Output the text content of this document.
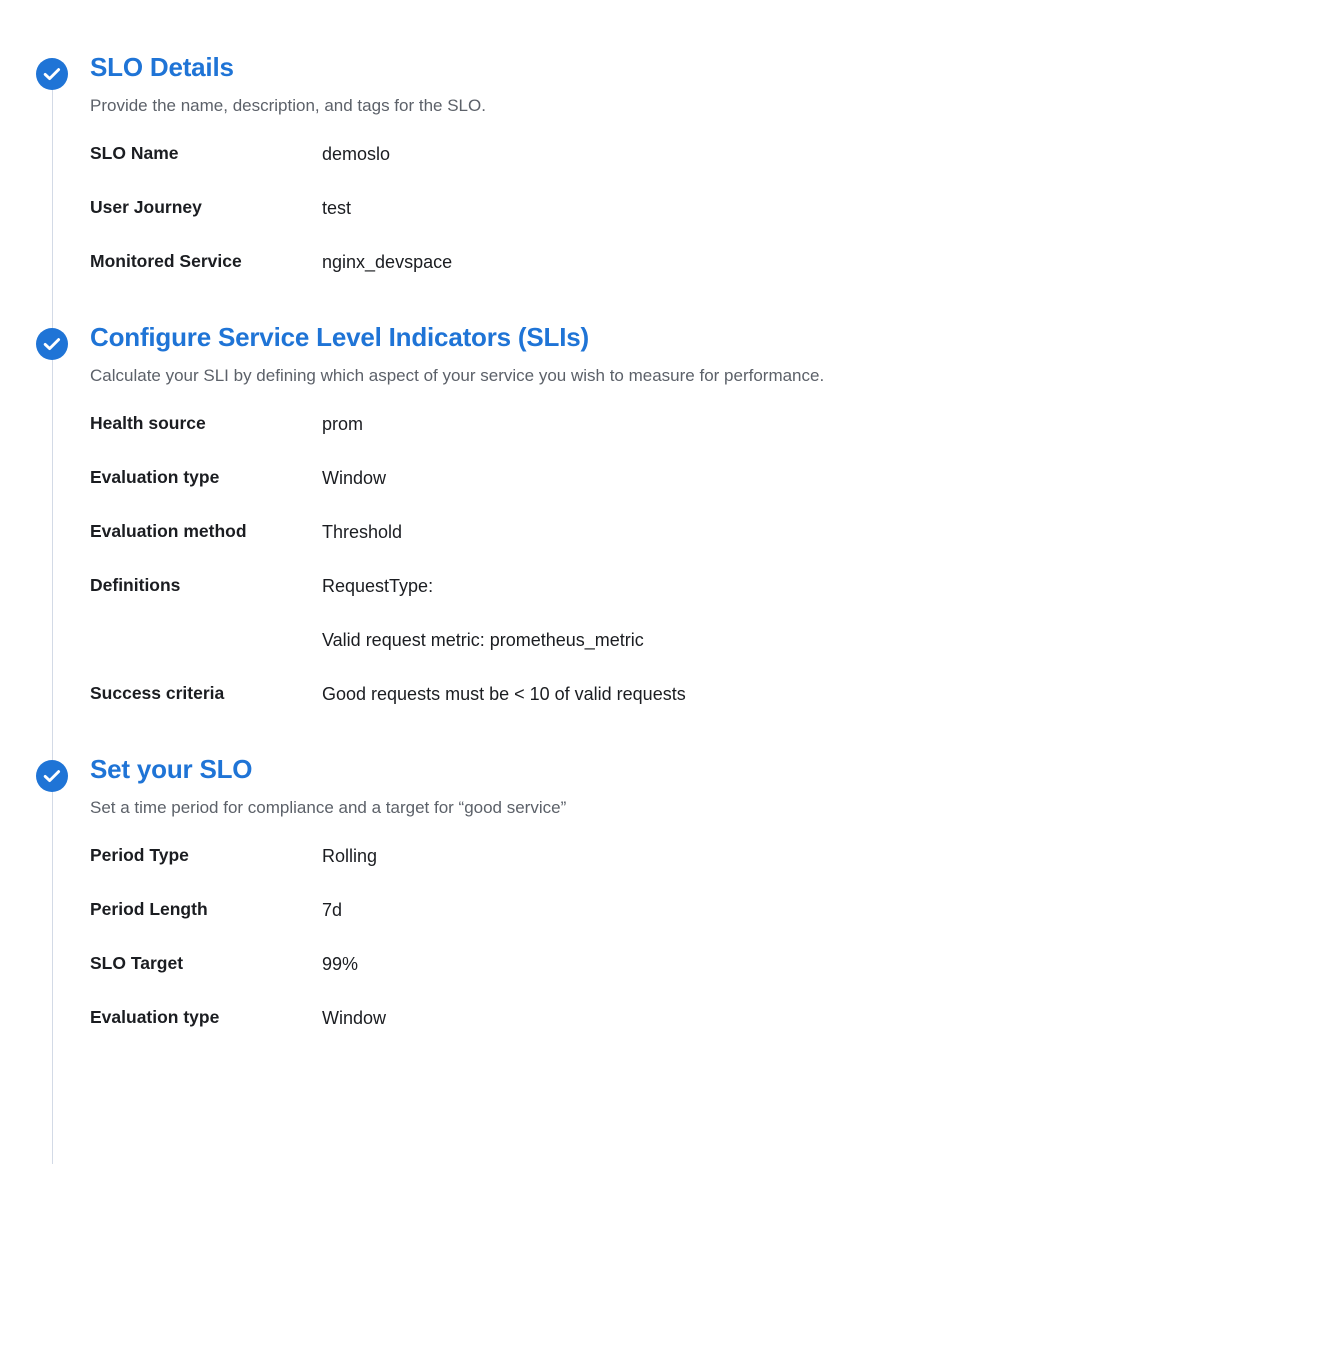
SLO Details

Provide the name, description, and tags for the SLO.

SLO Name	demoslo
User Journey	test
Monitored Service	nginx_devspace
Configure Service Level Indicators (SLIs)

Calculate your SLI by defining which aspect of your service you wish to measure for performance.

Health source	prom
Evaluation type	Window
Evaluation method	Threshold
Definitions	RequestType:
Valid request metric: prometheus_metric
Success criteria	Good requests must be < 10 of valid requests
Set your SLO

Set a time period for compliance and a target for “good service”

Period Type	Rolling
Period Length	7d
SLO Target	99%
Evaluation type	Window
